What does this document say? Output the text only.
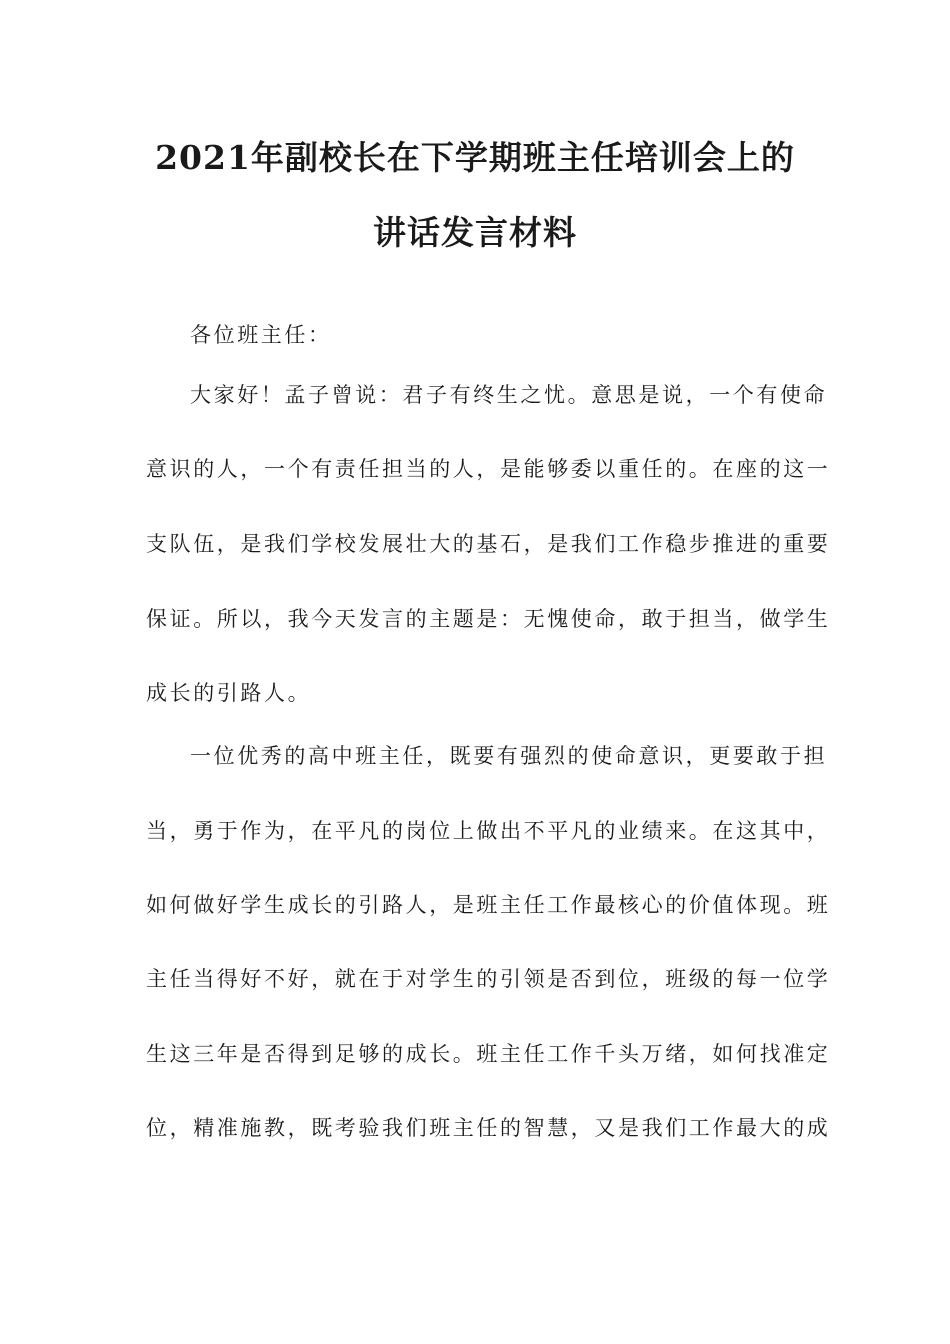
2021年副校长在下学期班主任培训会上的
讲话发言材料

各位班主任：

大家好！孟子曾说：君子有终生之忧。意思是说，一个有使命

意识的人，一个有责任担当的人，是能够委以重任的。在座的这一

支队伍，是我们学校发展壮大的基石，是我们工作稳步推进的重要

保证。所以，我今天发言的主题是：无愧使命，敢于担当，做学生

成长的引路人。

一位优秀的高中班主任，既要有强烈的使命意识，更要敢于担

当，勇于作为，在平凡的岗位上做出不平凡的业绩来。在这其中，

如何做好学生成长的引路人，是班主任工作最核心的价值体现。班

主任当得好不好，就在于对学生的引领是否到位，班级的每一位学

生这三年是否得到足够的成长。班主任工作千头万绪，如何找准定

位，精准施教，既考验我们班主任的智慧，又是我们工作最大的成
